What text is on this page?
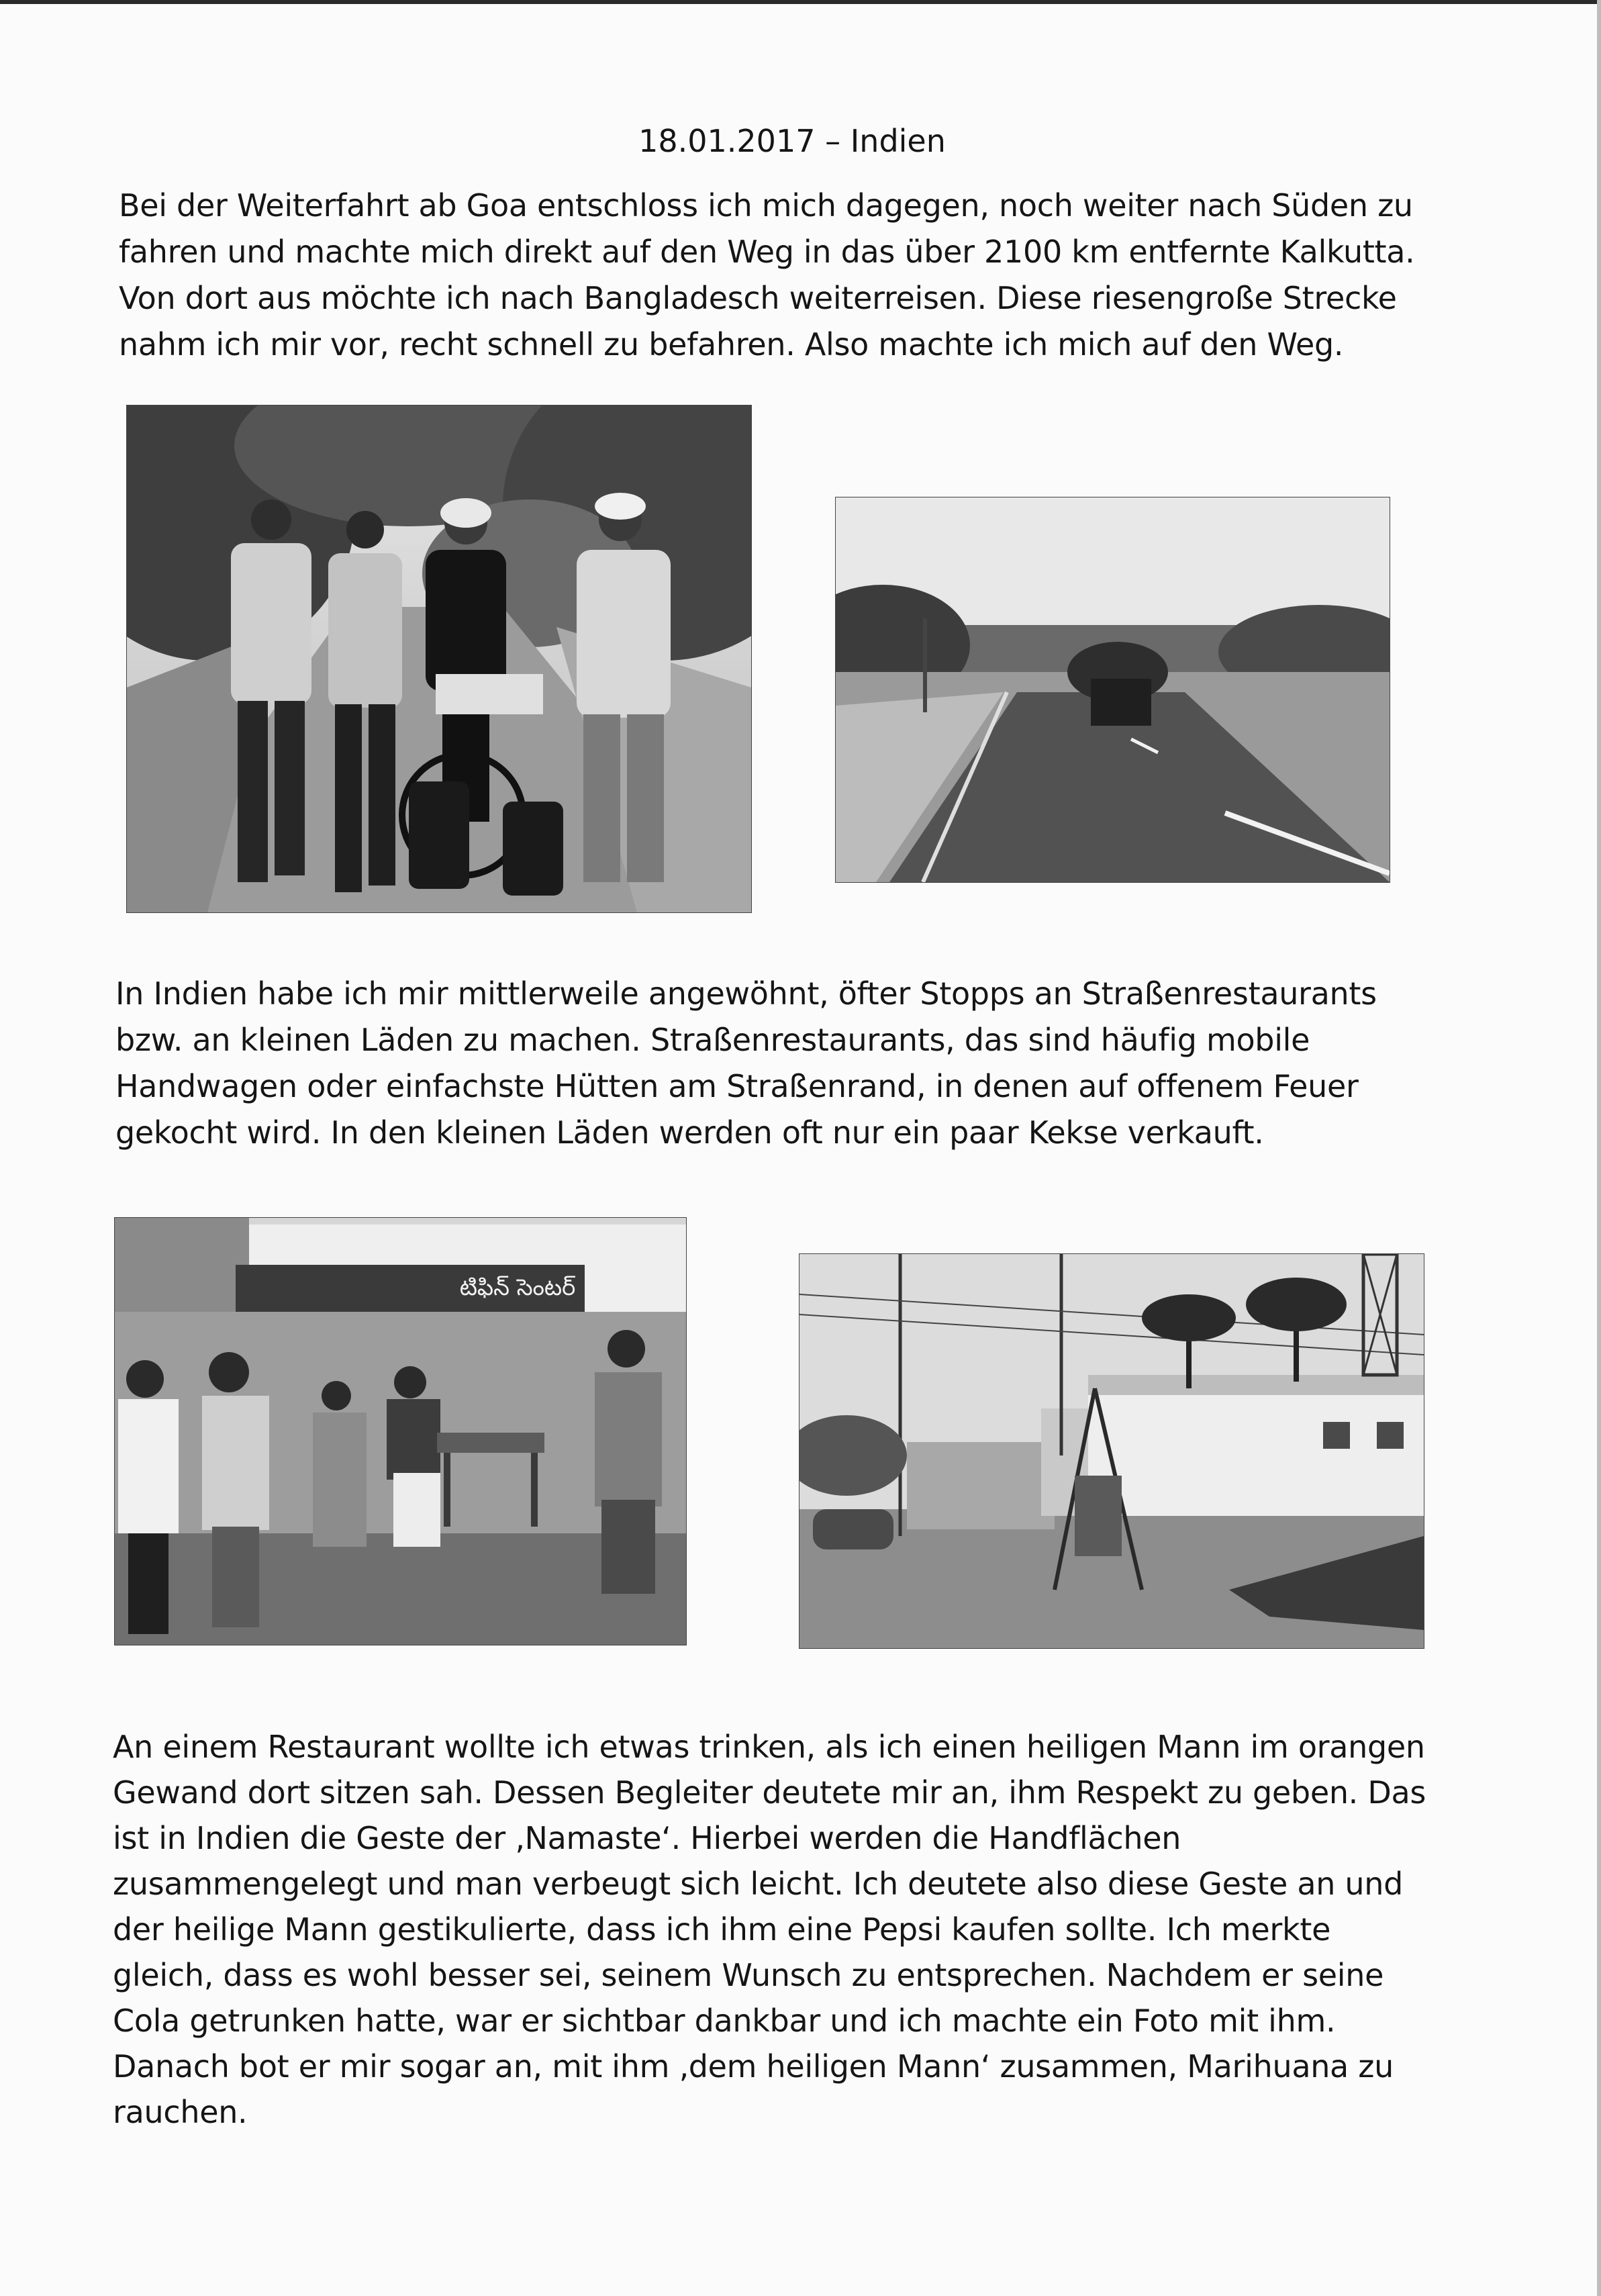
18.01.2017 – Indien

Bei der Weiterfahrt ab Goa entschloss ich mich dagegen, noch weiter nach Süden zu
fahren und machte mich direkt auf den Weg in das über 2100 km entfernte Kalkutta.
Von dort aus möchte ich nach Bangladesch weiterreisen. Diese riesengroße Strecke
nahm ich mir vor, recht schnell zu befahren. Also machte ich mich auf den Weg.

In Indien habe ich mir mittlerweile angewöhnt, öfter Stopps an Straßenrestaurants
bzw. an kleinen Läden zu machen. Straßenrestaurants, das sind häufig mobile
Handwagen oder einfachste Hütten am Straßenrand, in denen auf offenem Feuer
gekocht wird. In den kleinen Läden werden oft nur ein paar Kekse verkauft.

టిఫిన్ సెంటర్

An einem Restaurant wollte ich etwas trinken, als ich einen heiligen Mann im orangen
Gewand dort sitzen sah. Dessen Begleiter deutete mir an, ihm Respekt zu geben. Das
ist in Indien die Geste der ‚Namaste‘. Hierbei werden die Handflächen
zusammengelegt und man verbeugt sich leicht. Ich deutete also diese Geste an und
der heilige Mann gestikulierte, dass ich ihm eine Pepsi kaufen sollte. Ich merkte
gleich, dass es wohl besser sei, seinem Wunsch zu entsprechen. Nachdem er seine
Cola getrunken hatte, war er sichtbar dankbar und ich machte ein Foto mit ihm.
Danach bot er mir sogar an, mit ihm ‚dem heiligen Mann‘ zusammen, Marihuana zu
rauchen.
